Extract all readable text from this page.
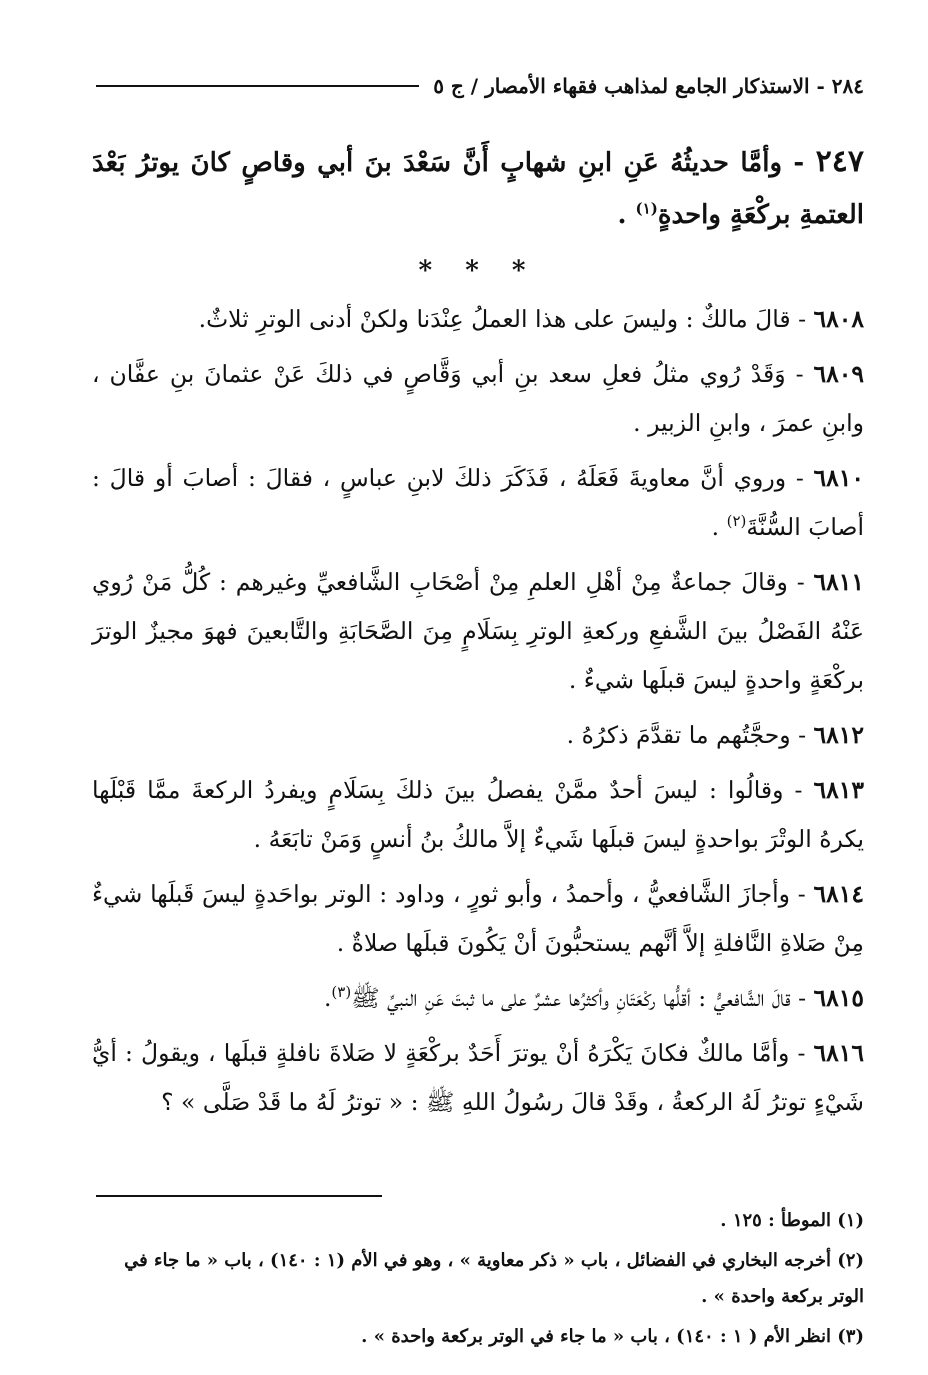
٢٨٤ - الاستذكار الجامع لمذاهب فقهاء الأمصار / ج ٥

٢٤٧ - وأمَّا حديثُهُ عَنِ ابنِ شهابٍ أَنَّ سَعْدَ بنَ أبي وقاصٍ كانَ يوترُ بَعْدَ العتمةِ بركْعَةٍ واحدةٍ$^{(١)}$ .

* * *

٦٨٠٨ - قالَ مالكٌ : وليسَ على هذا العملُ عِنْدَنا ولكنْ أدنى الوترِ ثلاثٌ.

٦٨٠٩ - وَقَدْ رُوي مثلُ فعلِ سعد بنِ أبي وَقَّاصٍ في ذلكَ عَنْ عثمانَ بنِ عفَّان ، وابنِ عمرَ ، وابنِ الزبير .

٦٨١٠ - وروي أنَّ معاويةَ فَعَلَهُ ، فَذَكَرَ ذلكَ لابنِ عباسٍ ، فقالَ : أصابَ أو قالَ : أصابَ السُّنَّةَ$^{(٢)}$ .

٦٨١١ - وقالَ جماعةٌ مِنْ أهْلِ العلمِ مِنْ أصْحَابِ الشَّافعيِّ وغيرهم : كُلُّ مَنْ رُوي عَنْهُ الفَصْلُ بينَ الشَّفعِ وركعةِ الوترِ بِسَلَامٍ مِنَ الصَّحَابَةِ والتَّابعينَ فهوَ مجيزٌ الوترَ بركْعَةٍ واحدةٍ ليسَ قبلَها شيءٌ .

٦٨١٢ - وحجَّتُهم ما تقدَّمَ ذكرُهُ .

٦٨١٣ - وقالُوا : ليسَ أحدٌ ممَّنْ يفصلُ بينَ ذلكَ بِسَلَامٍ ويفردُ الركعةَ ممَّا قَبْلَها يكرهُ الوتْرَ بواحدةٍ ليسَ قبلَها شَيءٌ إلاَّ مالكُ بنُ أنسٍ وَمَنْ تابَعَهُ .

٦٨١٤ - وأجازَ الشَّافعيُّ ، وأحمدُ ، وأبو ثورٍ ، وداود : الوتر بواحَدةٍ ليسَ قَبلَها شيءٌ مِنْ صَلاةِ النَّافلةِ إلاَّ أنَّهم يستحبُّونَ أنْ يَكُونَ قبلَها صلاةٌ .

٦٨١٥ - قالَ الشَّافعيُّ : أقلُّها ركْعَتَانِ وأكثرُها عشرٌ على ما ثبتَ عَنِ النبيِّ ﷺ$^{(٣)}$.

٦٨١٦ - وأمَّا مالكٌ فكانَ يَكْرَهُ أنْ يوترَ أَحَدٌ بركْعَةٍ لا صَلاةَ نافلةٍ قبلَها ، ويقولُ : أيُّ شَيْءٍ توترُ لَهُ الركعةُ ، وقَدْ قالَ رسُولُ اللهِ ﷺ : « توترُ لَهُ ما قَدْ صَلَّى » ؟

(١) الموطأ : ١٢٥ .
(٢) أخرجه البخاري في الفضائل ، باب « ذكر معاوية » ، وهو في الأم (١ : ١٤٠) ، باب « ما جاء في الوتر بركعة واحدة » .
(٣) انظر الأم ( ١ : ١٤٠) ، باب « ما جاء في الوتر بركعة واحدة » .
